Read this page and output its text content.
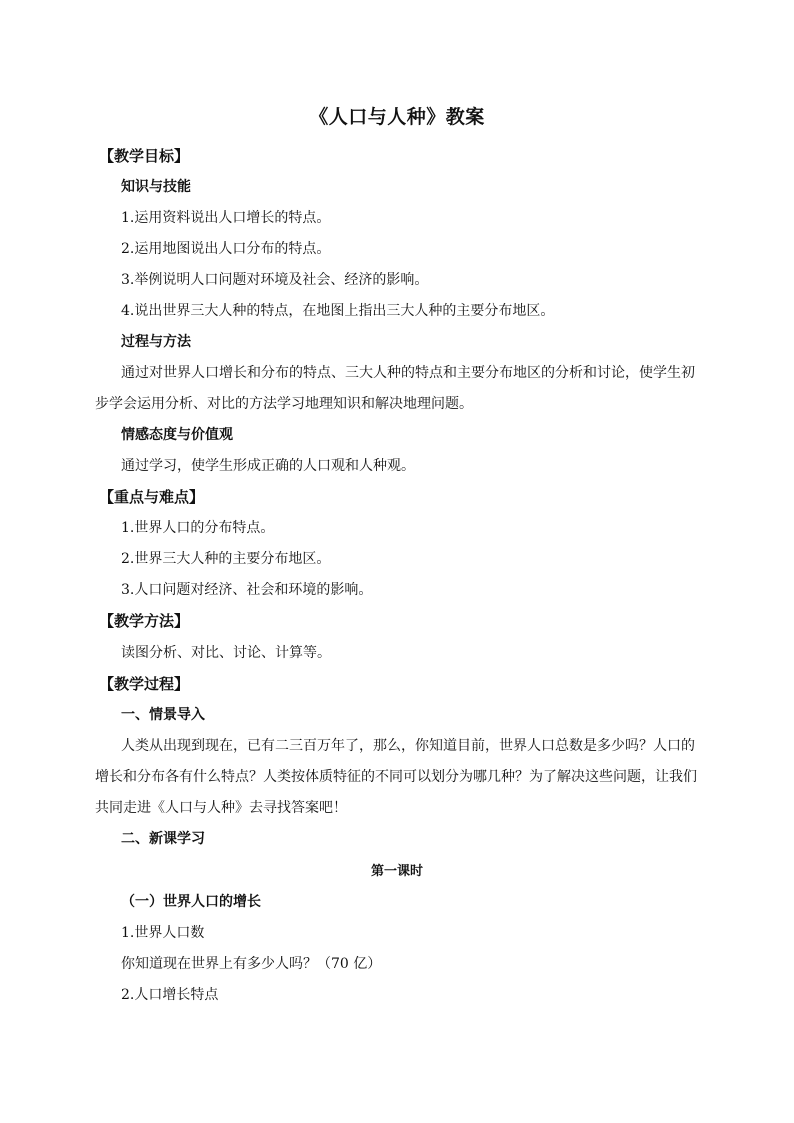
《人口与人种》教案
【教学目标】
知识与技能
1.运用资料说出人口增长的特点。
2.运用地图说出人口分布的特点。
3.举例说明人口问题对环境及社会、经济的影响。
4.说出世界三大人种的特点，在地图上指出三大人种的主要分布地区。
过程与方法
通过对世界人口增长和分布的特点、三大人种的特点和主要分布地区的分析和讨论，使学生初
步学会运用分析、对比的方法学习地理知识和解决地理问题。
情感态度与价值观
通过学习，使学生形成正确的人口观和人种观。
【重点与难点】
1.世界人口的分布特点。
2.世界三大人种的主要分布地区。
3.人口问题对经济、社会和环境的影响。
【教学方法】
读图分析、对比、讨论、计算等。
【教学过程】
一、情景导入
人类从出现到现在，已有二三百万年了，那么，你知道目前，世界人口总数是多少吗？人口的
增长和分布各有什么特点？人类按体质特征的不同可以划分为哪几种？为了解决这些问题，让我们
共同走进《人口与人种》去寻找答案吧！
二、新课学习
第一课时
（一）世界人口的增长
1.世界人口数
你知道现在世界上有多少人吗？（70 亿）
2.人口增长特点
